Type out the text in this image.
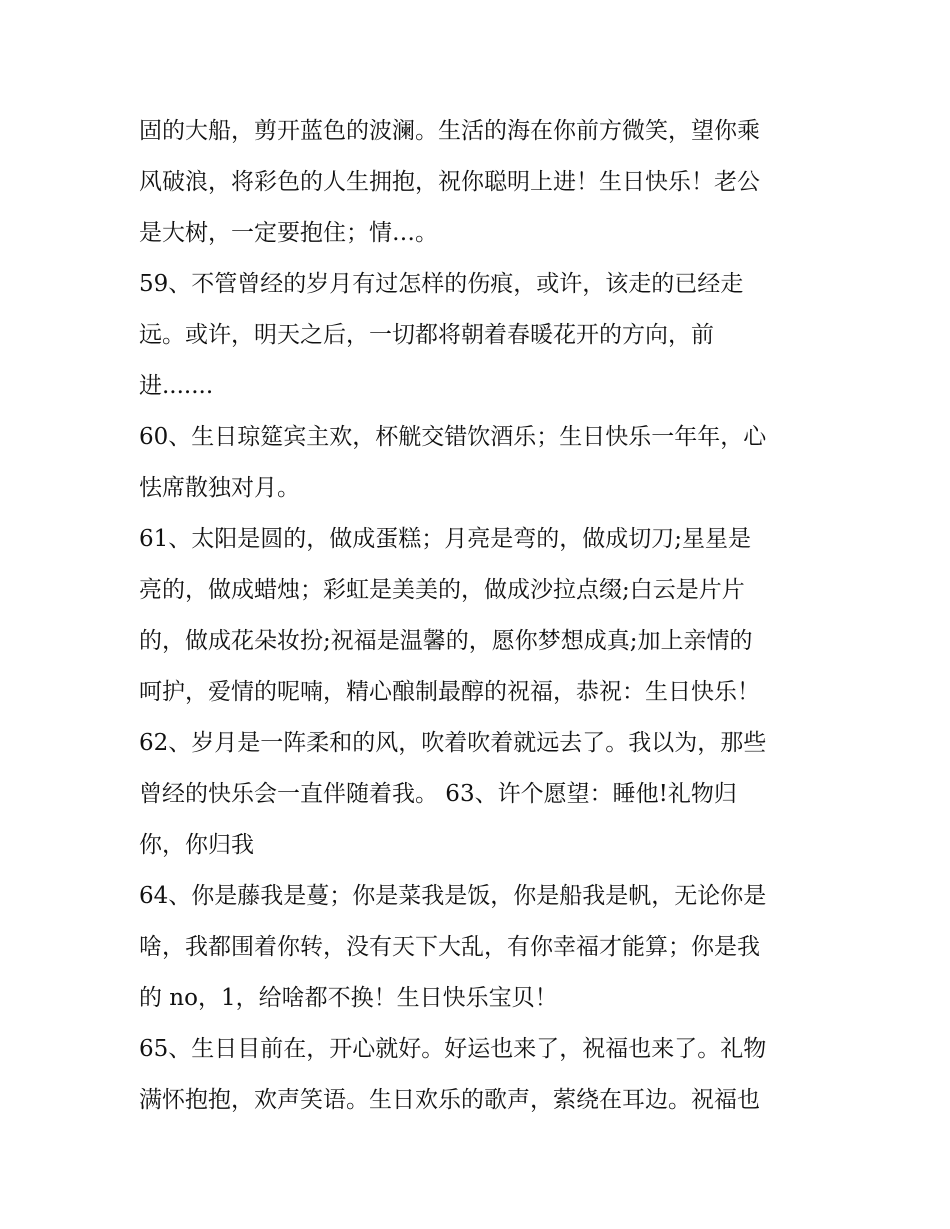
固的大船，剪开蓝色的波澜。生活的海在你前方微笑，望你乘

风破浪，将彩色的人生拥抱，祝你聪明上进！生日快乐！老公

是大树，一定要抱住；情…。

59、不管曾经的岁月有过怎样的伤痕，或许，该走的已经走

远。或许，明天之后，一切都将朝着春暖花开的方向，前

进.......

60、生日琼筵宾主欢，杯觥交错饮酒乐；生日快乐一年年，心

怯席散独对月。

61、太阳是圆的，做成蛋糕；月亮是弯的，做成切刀;星星是

亮的，做成蜡烛；彩虹是美美的，做成沙拉点缀;白云是片片

的，做成花朵妆扮;祝福是温馨的，愿你梦想成真;加上亲情的

呵护，爱情的呢喃，精心酿制最醇的祝福，恭祝：生日快乐！

62、岁月是一阵柔和的风，吹着吹着就远去了。我以为，那些

曾经的快乐会一直伴随着我。 63、许个愿望：睡他!礼物归

你，你归我

64、你是藤我是蔓；你是菜我是饭，你是船我是帆，无论你是

啥，我都围着你转，没有天下大乱，有你幸福才能算；你是我

的 no，1，给啥都不换！生日快乐宝贝！

65、生日目前在，开心就好。好运也来了，祝福也来了。礼物

满怀抱抱，欢声笑语。生日欢乐的歌声，萦绕在耳边。祝福也
